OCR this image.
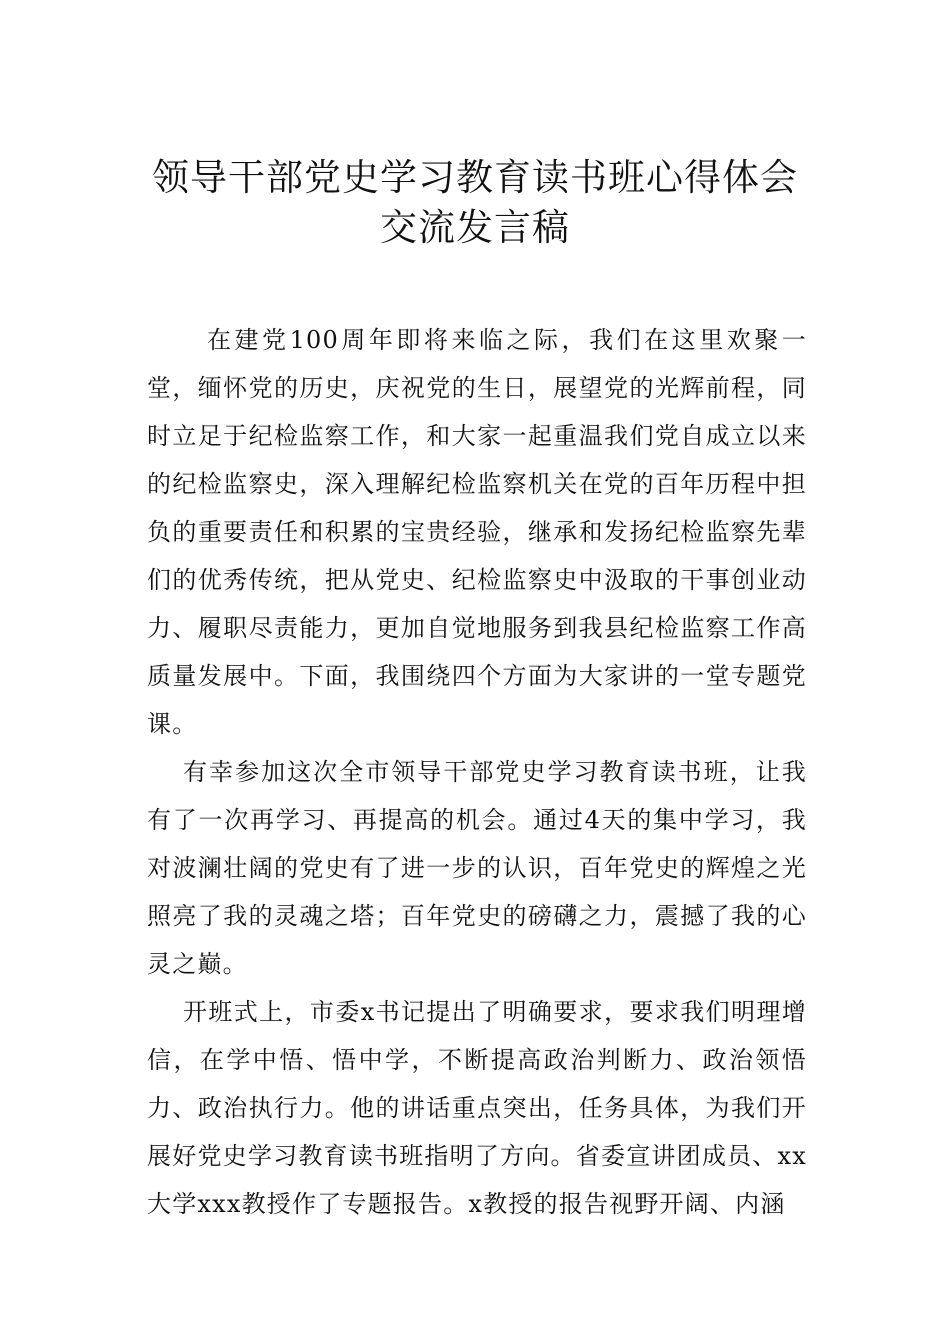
领导干部党史学习教育读书班心得体会
交流发言稿

在建党100周年即将来临之际，我们在这里欢聚一堂，缅怀党的历史，庆祝党的生日，展望党的光辉前程，同时立足于纪检监察工作，和大家一起重温我们党自成立以来的纪检监察史，深入理解纪检监察机关在党的百年历程中担负的重要责任和积累的宝贵经验，继承和发扬纪检监察先辈们的优秀传统，把从党史、纪检监察史中汲取的干事创业动力、履职尽责能力，更加自觉地服务到我县纪检监察工作高质量发展中。下面，我围绕四个方面为大家讲的一堂专题党课。

有幸参加这次全市领导干部党史学习教育读书班，让我有了一次再学习、再提高的机会。通过4天的集中学习，我对波澜壮阔的党史有了进一步的认识，百年党史的辉煌之光照亮了我的灵魂之塔；百年党史的磅礴之力，震撼了我的心灵之巅。

开班式上，市委x书记提出了明确要求，要求我们明理增信，在学中悟、悟中学，不断提高政治判断力、政治领悟力、政治执行力。他的讲话重点突出，任务具体，为我们开展好党史学习教育读书班指明了方向。省委宣讲团成员、xx大学xxx教授作了专题报告。x教授的报告视野开阔、内涵
